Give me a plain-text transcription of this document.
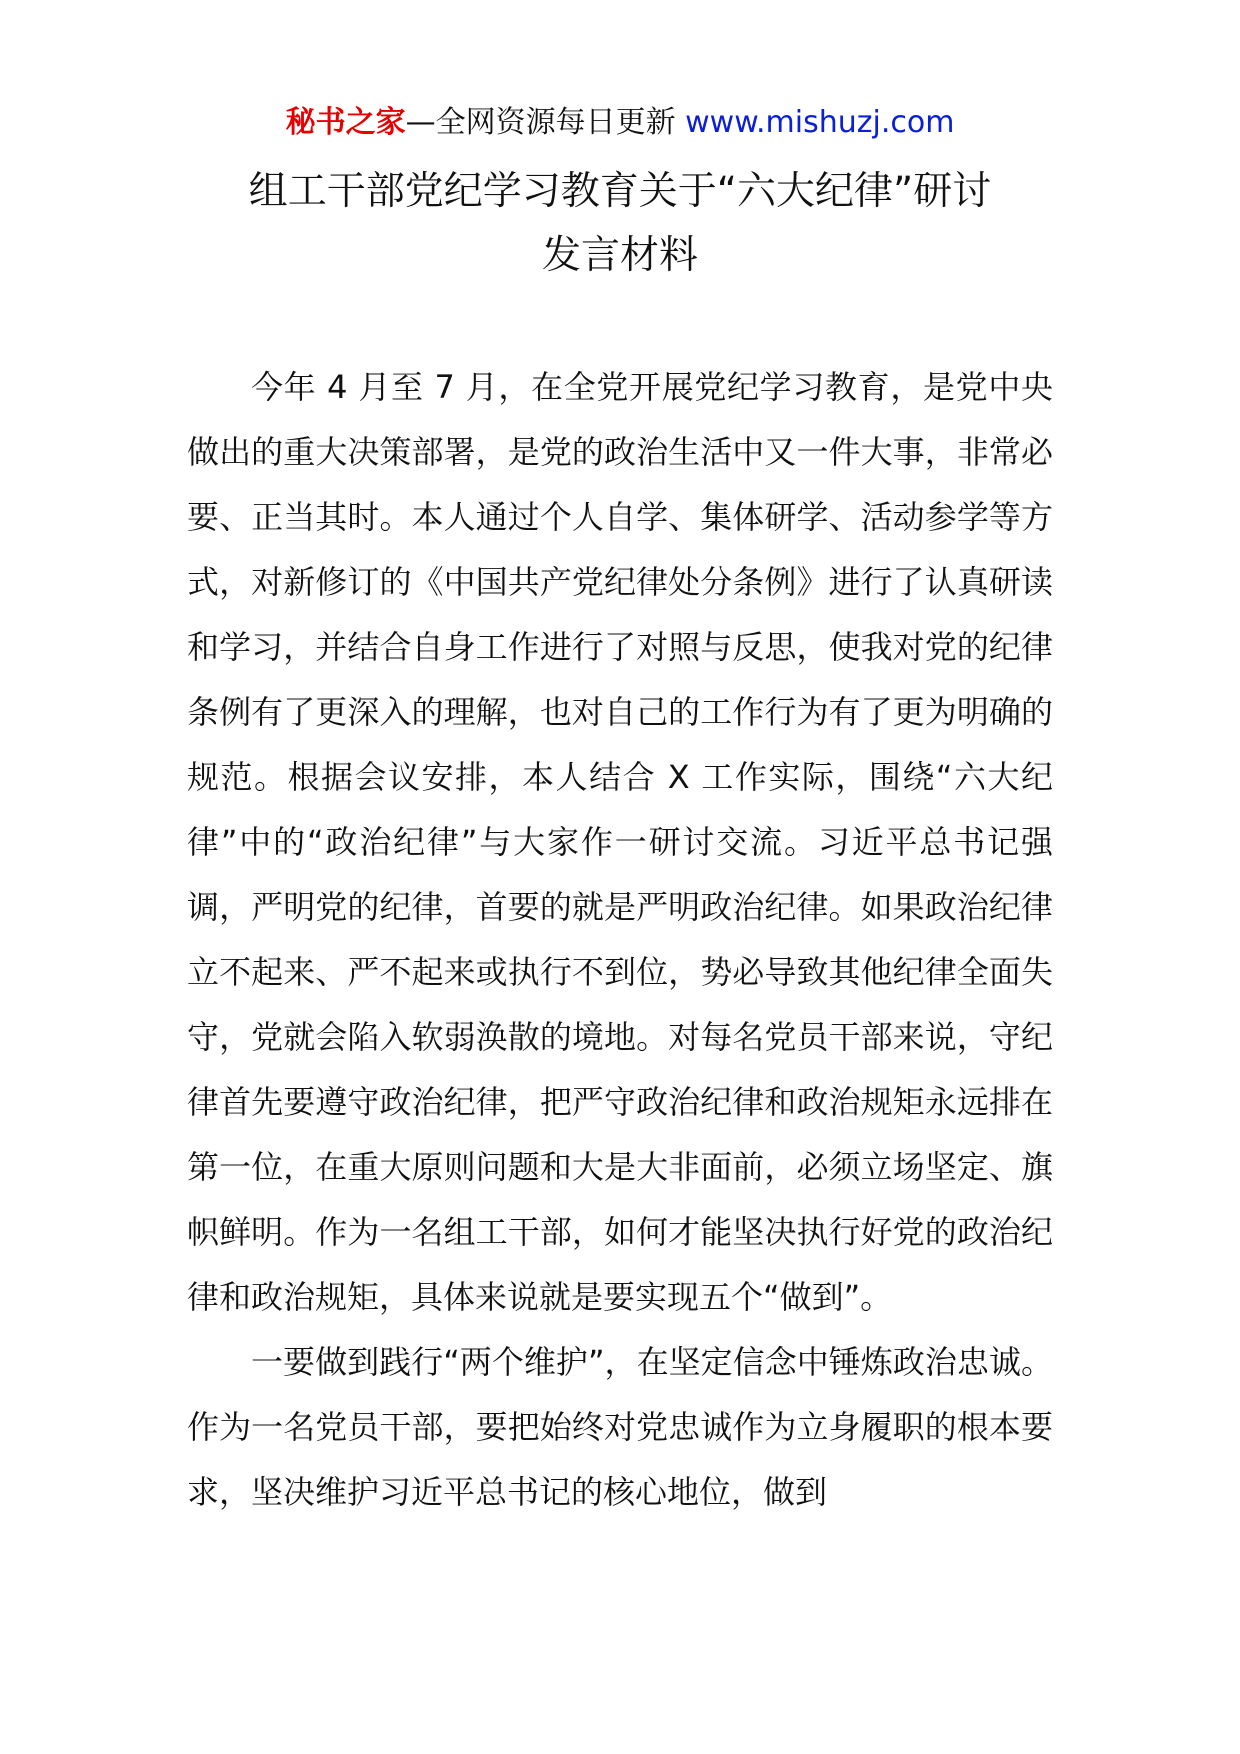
秘书之家—全网资源每日更新 www.mishuzj.com
组工干部党纪学习教育关于“六大纪律”研讨
发言材料

今年 4 月至 7 月，在全党开展党纪学习教育，是党中央做出的重大决策部署，是党的政治生活中又一件大事，非常必要、正当其时。本人通过个人自学、集体研学、活动参学等方式，对新修订的《中国共产党纪律处分条例》进行了认真研读和学习，并结合自身工作进行了对照与反思，使我对党的纪律条例有了更深入的理解，也对自己的工作行为有了更为明确的规范。根据会议安排，本人结合 X 工作实际，围绕“六大纪律”中的“政治纪律”与大家作一研讨交流。习近平总书记强调，严明党的纪律，首要的就是严明政治纪律。如果政治纪律立不起来、严不起来或执行不到位，势必导致其他纪律全面失守，党就会陷入软弱涣散的境地。对每名党员干部来说，守纪律首先要遵守政治纪律，把严守政治纪律和政治规矩永远排在第一位，在重大原则问题和大是大非面前，必须立场坚定、旗帜鲜明。作为一名组工干部，如何才能坚决执行好党的政治纪律和政治规矩，具体来说就是要实现五个“做到”。

一要做到践行“两个维护”，在坚定信念中锤炼政治忠诚。作为一名党员干部，要把始终对党忠诚作为立身履职的根本要求，坚决维护习近平总书记的核心地位，做到
